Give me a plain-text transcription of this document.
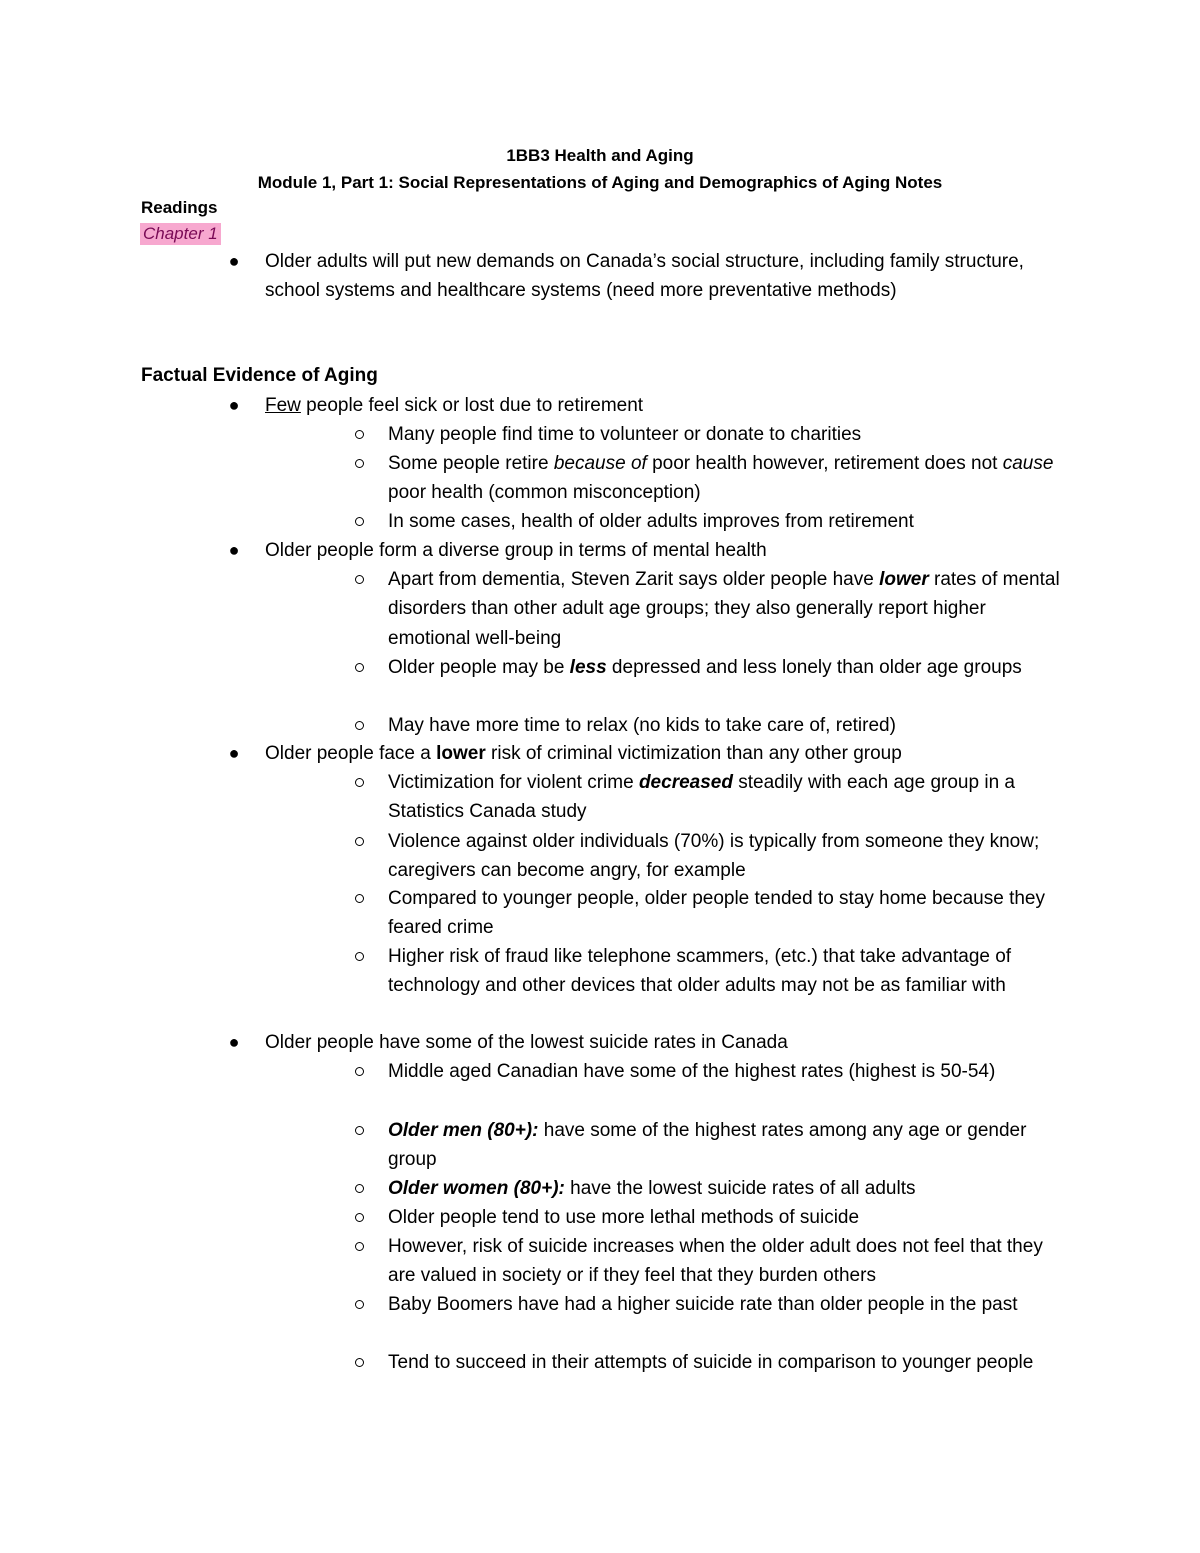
1BB3 Health and Aging
Module 1, Part 1: Social Representations of Aging and Demographics of Aging Notes
Readings
Chapter 1
● Older adults will put new demands on Canada’s social structure, including family structure, school systems and healthcare systems (need more preventative methods)
Factual Evidence of Aging
● Few people feel sick or lost due to retirement
Many people find time to volunteer or donate to charities
Some people retire because of poor health however, retirement does not cause poor health (common misconception)
In some cases, health of older adults improves from retirement
● Older people form a diverse group in terms of mental health
Apart from dementia, Steven Zarit says older people have lower rates of mental disorders than other adult age groups; they also generally report higher emotional well-being
Older people may be less depressed and less lonely than older age groups
May have more time to relax (no kids to take care of, retired)
● Older people face a lower risk of criminal victimization than any other group
Victimization for violent crime decreased steadily with each age group in a Statistics Canada study
Violence against older individuals (70%) is typically from someone they know; caregivers can become angry, for example
Compared to younger people, older people tended to stay home because they feared crime
Higher risk of fraud like telephone scammers, (etc.) that take advantage of technology and other devices that older adults may not be as familiar with
● Older people have some of the lowest suicide rates in Canada
Middle aged Canadian have some of the highest rates (highest is 50-54)
Older men (80+): have some of the highest rates among any age or gender group
Older women (80+): have the lowest suicide rates of all adults
Older people tend to use more lethal methods of suicide
However, risk of suicide increases when the older adult does not feel that they are valued in society or if they feel that they burden others
Baby Boomers have had a higher suicide rate than older people in the past
Tend to succeed in their attempts of suicide in comparison to younger people
